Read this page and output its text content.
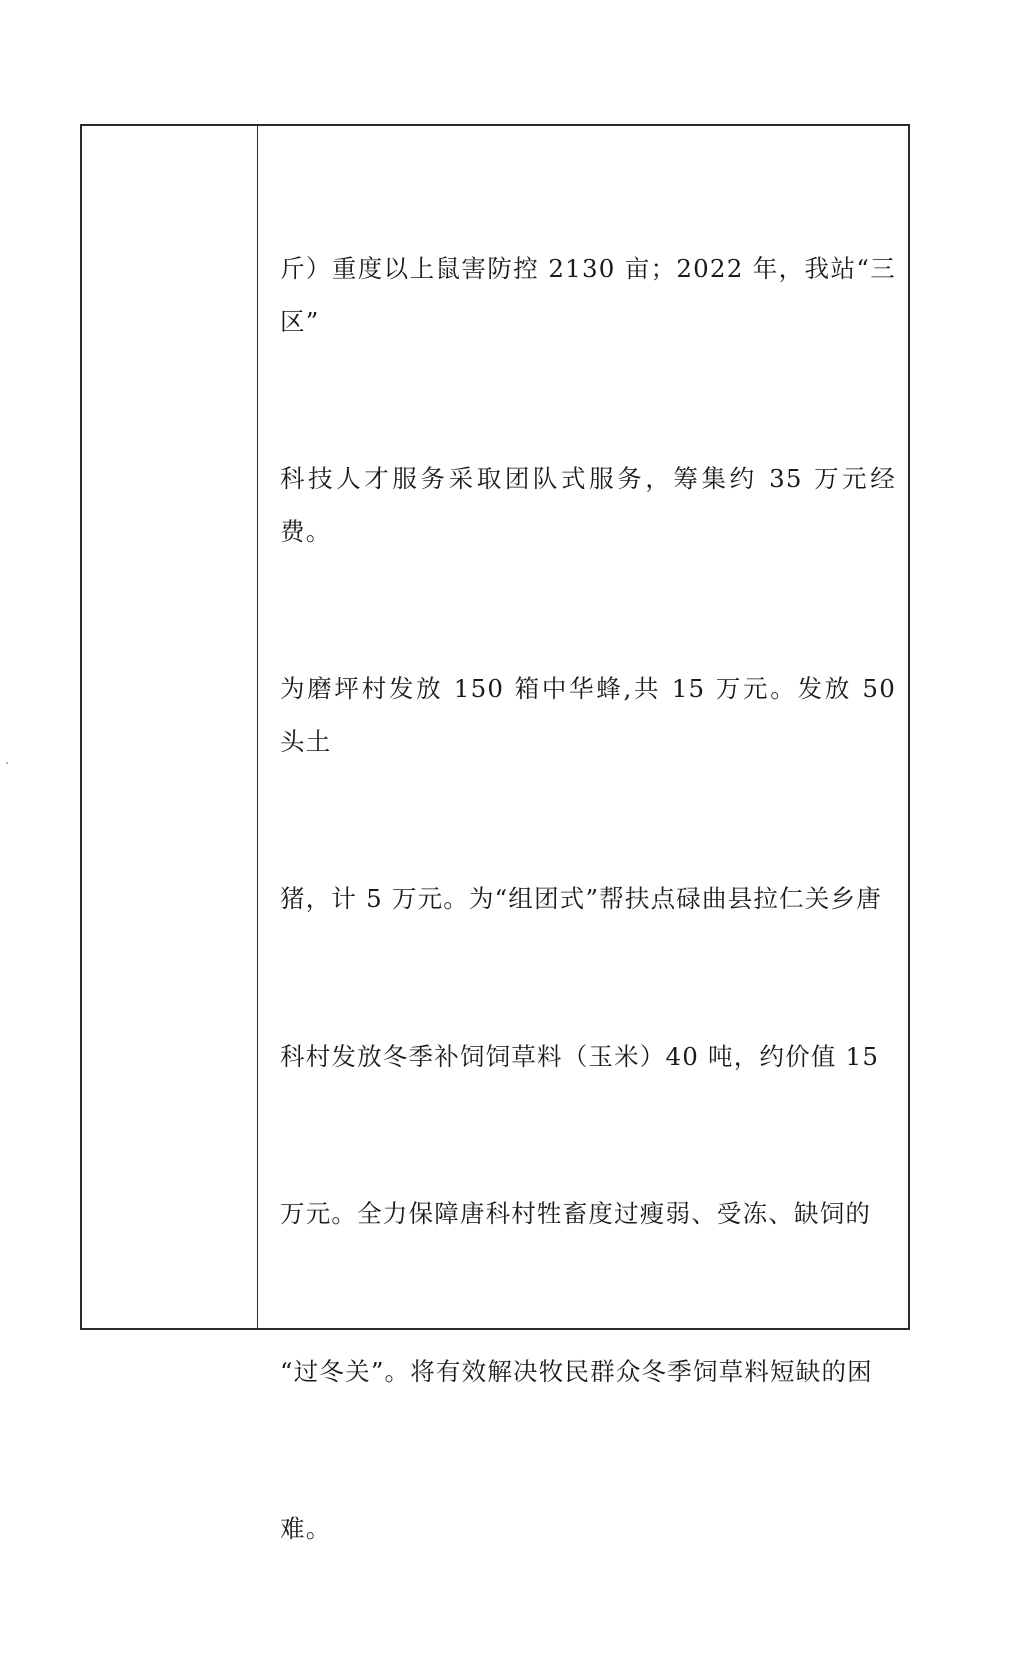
斤）重度以上鼠害防控 2130 亩；2022 年，我站“三区”

科技人才服务采取团队式服务，筹集约 35 万元经费。

为磨坪村发放 150 箱中华蜂,共 15 万元。发放 50 头土

猪，计 5 万元。为“组团式”帮扶点碌曲县拉仁关乡唐

科村发放冬季补饲饲草料（玉米）40 吨，约价值 15

万元。全力保障唐科村牲畜度过瘦弱、受冻、缺饲的

“过冬关”。将有效解决牧民群众冬季饲草料短缺的困

难。
